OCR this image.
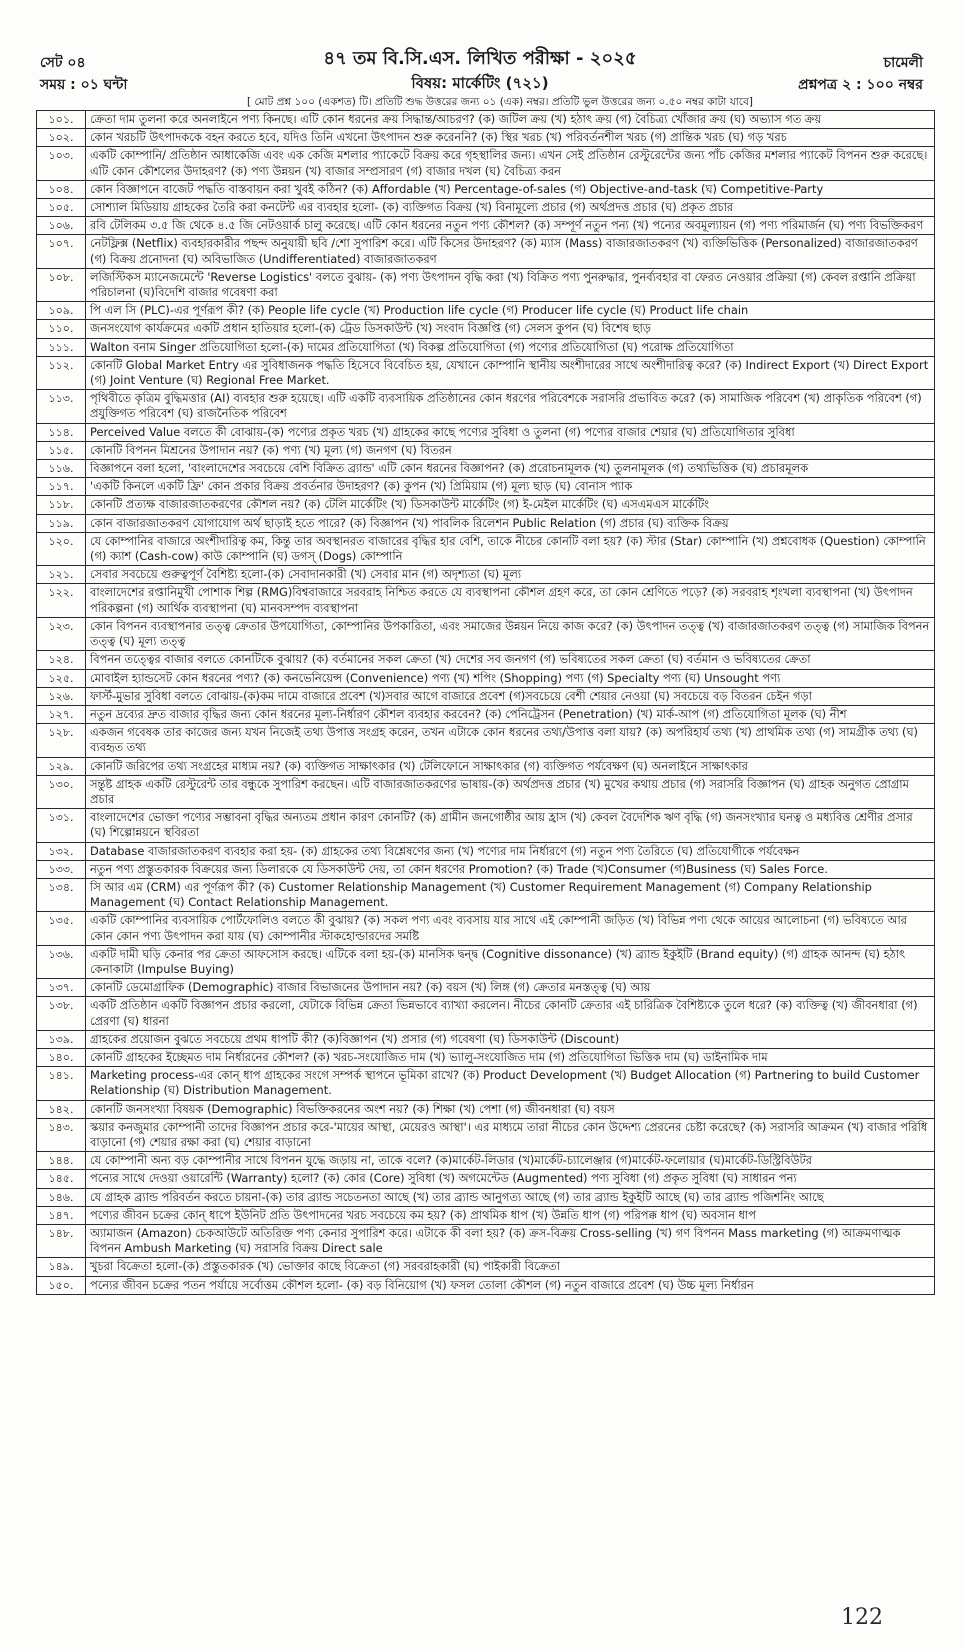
সেট ০৪
সময় : ০১ ঘন্টা
৪৭ তম বি.সি.এস. লিখিত পরীক্ষা - ২০২৫
বিষয়: মার্কেটিং (৭২১)
চামেলী
প্রশ্নপত্র ২ : ১০০ নম্বর
[ মোট প্রশ্ন ১০০ (একশত) টি। প্রতিটি শুদ্ধ উত্তরের জন্য ০১ (এক) নম্বর। প্রতিটি ভুল উত্তরের জন্য ০.৫০ নম্বর কাটা যাবে]
১০১.	ক্রেতা দাম তুলনা করে অনলাইনে পণ্য কিনছে। এটি কোন ধরনের ক্রয় সিদ্ধান্ত/আচরণ? (ক) জটিল ক্রয় (খ) হঠাৎ ক্রয় (গ) বৈচিত্র্য খোঁজার ক্রয় (ঘ) অভ্যাস গত ক্রয়
১০২.	কোন খরচটি উৎপাদককে বহন করতে হবে, যদিও তিনি এখনো উৎপাদন শুরু করেননি? (ক) স্থির খরচ (খ) পরিবর্তনশীল খরচ (গ) প্রান্তিক খরচ (ঘ) গড় খরচ
১০৩.	একটি কোম্পানি/ প্রতিষ্ঠান আধাকেজি এবং এক কেজি মশলার প্যাকেটে বিক্রয় করে গৃহস্থালির জন্য। এখন সেই প্রতিষ্ঠান রেস্টুরেন্টের জন্য পাঁচ কেজির মশলার প্যাকেট বিপনন শুরু করেছে। এটি কোন কৌশলের উদাহরণ? (ক) পণ্য উন্নয়ন (খ) বাজার সম্প্রসারণ (গ) বাজার দখল (ঘ) বৈচিত্র্য করন
১০৪.	কোন বিজ্ঞাপনে বাজেট পদ্ধতি বাস্তবায়ন করা খুবই কঠিন? (ক) Affordable (খ) Percentage-of-sales (গ) Objective-and-task (ঘ) Competitive-Party
১০৫.	সোশ্যাল মিডিয়ায় গ্রাহকের তৈরি করা কনটেন্ট এর ব্যবহার হলো- (ক) ব্যক্তিগত বিক্রয় (খ) বিনামূল্যে প্রচার (গ) অর্থপ্রদত্ত প্রচার (ঘ) প্রকৃত প্রচার
১০৬.	রবি টেলিকম ৩.৫ জি থেকে ৪.৫ জি নেটওয়ার্ক চালু করেছে। এটি কোন ধরনের নতুন পণ্য কৌশল? (ক) সম্পূর্ণ নতুন পন্য (খ) পন্যের অবমূল্যায়ন (গ) পণ্য পরিমার্জন (ঘ) পণ্য বিভক্তিকরণ
১০৭.	নেটফ্লিক্স (Netflix) ব্যবহারকারীর পছন্দ অনুযায়ী ছবি /শো সুপারিশ করে। এটি কিসের উদাহরণ? (ক) ম্যাস (Mass) বাজারজাতকরণ (খ) ব্যক্তিভিত্তিক (Personalized) বাজারজাতকরণ (গ) বিক্রয় প্রনোদনা (ঘ) অবিভাজিত (Undifferentiated) বাজারজাতকরণ
১০৮.	লজিস্টিকস ম্যানেজমেন্টে 'Reverse Logistics' বলতে বুঝায়- (ক) পণ্য উৎপাদন বৃদ্ধি করা (খ) বিক্রিত পণ্য পুনরুদ্ধার, পুনর্ব্যবহার বা ফেরত নেওয়ার প্রক্রিয়া (গ) কেবল রপ্তানি প্রক্রিয়া পরিচালনা (ঘ)বিদেশি বাজার গবেষণা করা
১০৯.	পি এল সি (PLC)-এর পূর্ণরূপ কী? (ক) People life cycle (খ) Production life cycle (গ) Producer life cycle (ঘ) Product life chain
১১০.	জনসংযোগ কার্যক্রমের একটি প্রধান হাতিয়ার হলো-(ক) ট্রেড ডিসকাউন্ট (খ) সংবাদ বিজ্ঞপ্তি (গ) সেলস কুপন (ঘ) বিশেষ ছাড়
১১১.	Walton বনাম Singer প্রতিযোগিতা হলো-(ক) দামের প্রতিযোগিতা (খ) বিকল্প প্রতিযোগিতা (গ) পণ্যের প্রতিযোগিতা (ঘ) পরোক্ষ প্রতিযোগিতা
১১২.	কোনটি Global Market Entry এর সুবিধাজনক পদ্ধতি হিসেবে বিবেচিত হয়, যেখানে কোম্পানি স্থানীয় অংশীদারের সাথে অংশীদারিত্ব করে? (ক) Indirect Export (খ) Direct Export (গ) Joint Venture (ঘ) Regional Free Market.
১১৩.	পৃথিবীতে কৃত্রিম বুদ্ধিমত্তার (AI) ব্যবহার শুরু হয়েছে। এটি একটি ব্যবসায়িক প্রতিষ্ঠানের কোন ধরণের পরিবেশকে সরাসরি প্রভাবিত করে? (ক) সামাজিক পরিবেশ (খ) প্রাকৃতিক পরিবেশ (গ) প্রযুক্তিগত পরিবেশ (ঘ) রাজনৈতিক পরিবেশ
১১৪.	Perceived Value বলতে কী বোঝায়-(ক) পণ্যের প্রকৃত খরচ (খ) গ্রাহকের কাছে পণ্যের সুবিধা ও তুলনা (গ) পণ্যের বাজার শেয়ার (ঘ) প্রতিযোগিতার সুবিধা
১১৫.	কোনটি বিপনন মিশ্রনের উপাদান নয়? (ক) পণ্য (খ) মূল্য (গ) জনগণ (ঘ) বিতরন
১১৬.	বিজ্ঞাপনে বলা হলো, 'বাংলাদেশের সবচেয়ে বেশি বিক্রিত ব্র্যান্ড' এটি কোন ধরনের বিজ্ঞাপন? (ক) প্ররোচনামূলক (খ) তুলনামূলক (গ) তথ্যভিত্তিক (ঘ) প্রচারমূলক
১১৭.	'একটি কিনলে একটি ফ্রি' কোন প্রকার বিক্রয় প্রবর্তনার উদাহরণ? (ক) কুপন (খ) প্রিমিয়াম (গ) মূল্য ছাড় (ঘ) বোনাস প্যাক
১১৮.	কোনটি প্রত্যক্ষ বাজারজাতকরণের কৌশল নয়? (ক) টেলি মার্কেটিং (খ) ডিসকাউন্ট মার্কেটিং (গ) ই-মেইল মার্কেটিং (ঘ) এসএমএস মার্কেটিং
১১৯.	কোন বাজারজাতকরণ যোগাযোগ অর্থ ছাড়াই হতে পারে? (ক) বিজ্ঞাপন (খ) পাবলিক রিলেশন Public Relation (গ) প্রচার (ঘ) ব্যক্তিক বিক্রয়
১২০.	যে কোম্পানির বাজারে অংশীদারিত্ব কম, কিন্তু তার অবস্থানরত বাজারের বৃদ্ধির হার বেশি, তাকে নীচের কোনটি বলা হয়? (ক) স্টার (Star) কোম্পানি (খ) প্রশ্নবোধক (Question) কোম্পানি (গ) ক্যাশ (Cash-cow) কাউ কোম্পানি (ঘ) ডগস্‌ (Dogs) কোম্পানি
১২১.	সেবার সবচেয়ে গুরুত্বপূর্ণ বৈশিষ্ট্য হলো-(ক) সেবাদানকারী (খ) সেবার মান (গ) অদৃশ্যতা (ঘ) মূল্য
১২২.	বাংলাদেশের রপ্তানিমুখী পোশাক শিল্প (RMG)বিশ্ববাজারে সরবরাহ নিশ্চিত করতে যে ব্যবস্থাপনা কৌশল গ্রহণ করে, তা কোন শ্রেণিতে পড়ে? (ক) সরবরাহ শৃংখলা ব্যবস্থাপনা (খ) উৎপাদন পরিকল্পনা (গ) আর্থিক ব্যবস্থাপনা (ঘ) মানবসম্পদ ব্যবস্থাপনা
১২৩.	কোন বিপনন ব্যবস্থাপনার তত্ত্ব ক্রেতার উপযোগিতা, কোম্পানির উপকারিতা, এবং সমাজের উন্নয়ন নিয়ে কাজ করে? (ক) উৎপাদন তত্ত্ব (খ) বাজারজাতকরণ তত্ত্ব (গ) সামাজিক বিপনন তত্ত্ব (ঘ) মূল্য তত্ত্ব
১২৪.	বিপনন তত্ত্বের বাজার বলতে কোনটিকে বুঝায়? (ক) বর্তমানের সকল ক্রেতা (খ) দেশের সব জনগণ (গ) ভবিষ্যতের সকল ক্রেতা (ঘ) বর্তমান ও ভবিষ্যতের ক্রেতা
১২৫.	মোবাইল হ্যান্ডসেট কোন ধরনের পণ্য? (ক) কনভেনিয়েন্স (Convenience) পণ্য (খ) শপিং (Shopping) পণ্য (গ) Specialty পণ্য (ঘ) Unsought পণ্য
১২৬.	ফার্স্ট-মুভার সুবিধা বলতে বোঝায়-(ক)কম দামে বাজারে প্রবেশ (খ)সবার আগে বাজারে প্রবেশ (গ)সবচেয়ে বেশী শেয়ার নেওয়া (ঘ) সবচেয়ে বড় বিতরন চেইন গড়া
১২৭.	নতুন দ্রব্যের দ্রুত বাজার বৃদ্ধির জন্য কোন ধরনের মূল্য-নির্ধারণ কৌশল ব্যবহার করবেন? (ক) পেনিট্রেসন (Penetration) (খ) মার্ক-আপ (গ) প্রতিযোগিতা মূলক (ঘ) নীশ
১২৮.	একজন গবেষক তার কাজের জন্য যখন নিজেই তথ্য উপাত্ত সংগ্রহ করেন, তখন এটাকে কোন ধরনের তথ্য/উপাত্ত বলা যায়? (ক) অপরিহার্য তথ্য (খ) প্রাথমিক তথ্য (গ) সামগ্রীক তথ্য (ঘ) ব্যবহৃত তথ্য
১২৯.	কোনটি জরিপের তথ্য সংগ্রহের মাধ্যম নয়? (ক) ব্যক্তিগত সাক্ষাৎকার (খ) টেলিফোনে সাক্ষাৎকার (গ) ব্যক্তিগত পর্যবেক্ষণ (ঘ) অনলাইনে সাক্ষাৎকার
১৩০.	সন্তুষ্ট গ্রাহক একটি রেস্টুরেন্ট তার বন্ধুকে সুপারিশ করছেন। এটি বাজারজাতকরণের ভাষায়-(ক) অর্থপ্রদত্ত প্রচার (খ) মুখের কথায় প্রচার (গ) সরাসরি বিজ্ঞাপন (ঘ) গ্রাহক অনুগত প্রোগ্রাম প্রচার
১৩১.	বাংলাদেশের ভোক্তা পণ্যের সম্ভাবনা বৃদ্ধির অন্যতম প্রধান কারণ কোনটি? (ক) গ্রামীন জনগোষ্ঠীর আয় হ্রাস (খ) কেবল বৈদেশিক ঋণ বৃদ্ধি (গ) জনসংখ্যার ঘনত্ব ও মধ্যবিত্ত শ্রেণীর প্রসার (ঘ) শিল্পোন্নয়নে স্থবিরতা
১৩২.	Database বাজারজাতকরণ ব্যবহার করা হয়- (ক) গ্রাহকের তথ্য বিশ্লেষণের জন্য (খ) পণ্যের দাম নির্ধারণে (গ) নতুন পণ্য তৈরিতে (ঘ) প্রতিযোগীকে পর্যবেক্ষন
১৩৩.	নতুন পণ্য প্রস্তুতকারক বিক্রয়ের জন্য ডিলারকে যে ডিসকাউন্ট দেয়, তা কোন ধরণের Promotion? (ক) Trade (খ)Consumer (গ)Business (ঘ) Sales Force.
১৩৪.	সি আর এম (CRM) এর পূর্ণরূপ কী? (ক) Customer Relationship Management (খ) Customer Requirement Management (গ) Company Relationship Management (ঘ) Contact Relationship Management.
১৩৫.	একটি কোম্পানির ব্যবসায়িক পোর্টফোলিও বলতে কী বুঝায়? (ক) সকল পণ্য এবং ব্যবসায় যার সাথে এই কোম্পানী জড়িত (খ) বিভিন্ন পণ্য থেকে আয়ের আলোচনা (গ) ভবিষ্যতে আর কোন কোন পণ্য উৎপাদন করা যায় (ঘ) কোম্পানীর স্টাকহোল্ডারদের সমষ্টি
১৩৬.	একটি দামী ঘড়ি কেনার পর ক্রেতা আফসোস করছে। এটিকে বলা হয়-(ক) মানসিক দ্বন্দ্ব (Cognitive dissonance) (খ) ব্র্যান্ড ইকুইটি (Brand equity) (গ) গ্রাহক আনন্দ (ঘ) হঠাৎ কেনাকাটা (Impulse Buying)
১৩৭.	কোনটি ডেমোগ্রাফিক (Demographic) বাজার বিভাজনের উপাদান নয়? (ক) বয়স (খ) লিঙ্গ (গ) ক্রেতার মনস্তত্ত্ব (ঘ) আয়
১৩৮.	একটি প্রতিষ্ঠান একটি বিজ্ঞাপন প্রচার করলো, যেটাকে বিভিন্ন ক্রেতা ভিন্নভাবে ব্যাখ্যা করলেন। নীচের কোনটি ক্রেতার এই চারিত্রিক বৈশিষ্ট্যকে তুলে ধরে? (ক) ব্যক্তিত্ব (খ) জীবনধারা (গ) প্রেরণা (ঘ) ধারনা
১৩৯.	গ্রাহকের প্রয়োজন বুঝতে সবচেয়ে প্রথম ধাপটি কী? (ক)বিজ্ঞাপন (খ) প্রসার (গ) গবেষণা (ঘ) ডিসকাউন্ট (Discount)
১৪০.	কোনটি গ্রাহকের ইচ্ছেমত দাম নির্ধারনের কৌশল? (ক) খরচ-সংযোজিত দাম (খ) ভ্যালু-সংযোজিত দাম (গ) প্রতিযোগিতা ভিত্তিক দাম (ঘ) ডাইনামিক দাম
১৪১.	Marketing process-এর কোন্ ধাপ গ্রাহকের সংগে সম্পর্ক স্থাপনে ভূমিকা রাখে? (ক) Product Development (খ) Budget Allocation (গ) Partnering to build Customer Relationship (ঘ) Distribution Management.
১৪২.	কোনটি জনসংখ্যা বিষয়ক (Demographic) বিভক্তিকরনের অংশ নয়? (ক) শিক্ষা (খ) পেশা (গ) জীবনধারা (ঘ) বয়স
১৪৩.	স্কয়ার কনজুমার কোম্পানী তাদের বিজ্ঞাপন প্রচার করে-'মায়ের আস্থা, মেয়েরও আস্থা'। এর মাধ্যমে তারা নীচের কোন উদ্দেশ্য প্রেরনের চেষ্টা করেছে? (ক) সরাসরি আক্রমন (খ) বাজার পরিধি বাড়ানো (গ) শেয়ার রক্ষা করা (ঘ) শেয়ার বাড়ানো
১৪৪.	যে কোম্পানী অন্য বড় কোম্পানীর সাথে বিপনন যুদ্ধে জড়ায় না, তাকে বলে? (ক)মার্কেট-লিডার (খ)মার্কেট-চ্যালেঞ্জার (গ)মার্কেট-ফলোয়ার (ঘ)মার্কেট-ডিস্ট্রিবিউটর
১৪৫.	পন্যের সাথে দেওয়া ওয়ারেন্টি (Warranty) হলো? (ক) কোর (Core) সুবিধা (খ) অগমেন্টেড (Augmented) পণ্য সুবিধা (গ) প্রকৃত সুবিধা (ঘ) সাধারন পন্য
১৪৬.	যে গ্রাহক ব্র্যান্ড পরিবর্তন করতে চায়না-(ক) তার ব্র্যান্ড সচেতনতা আছে (খ) তার ব্র্যান্ড আনুগত্য আছে (গ) তার ব্র্যান্ড ইকুইটি আছে (ঘ) তার ব্র্যান্ড পজিশনিং আছে
১৪৭.	পণ্যের জীবন চক্রের কোন্ ধাপে ইউনিট প্রতি উৎপাদনের খরচ সবচেয়ে কম হয়? (ক) প্রাথমিক ধাপ (খ) উন্নতি ধাপ (গ) পরিপক্ক ধাপ (ঘ) অবসান ধাপ
১৪৮.	অ্যামাজন (Amazon) চেকআউটে অতিরিক্ত পণ্য কেনার সুপারিশ করে। এটাকে কী বলা হয়? (ক) ক্রস-বিক্রয় Cross-selling (খ) গণ বিপনন Mass marketing (গ) আক্রমণাত্মক বিপনন Ambush Marketing (ঘ) সরাসরি বিক্রয় Direct sale
১৪৯.	খুচরা বিক্রেতা হলো-(ক) প্রস্তুতকারক (খ) ভোক্তার কাছে বিক্রেতা (গ) সরবরাহকারী (ঘ) পাইকারী বিক্রেতা
১৫০.	পন্যের জীবন চক্রের পতন পর্যায়ে সর্বোত্তম কৌশল হলো- (ক) বড় বিনিয়োগ (খ) ফসল তোলা কৌশল (গ) নতুন বাজারে প্রবেশ (ঘ) উচ্চ মূল্য নির্ধারন
122
